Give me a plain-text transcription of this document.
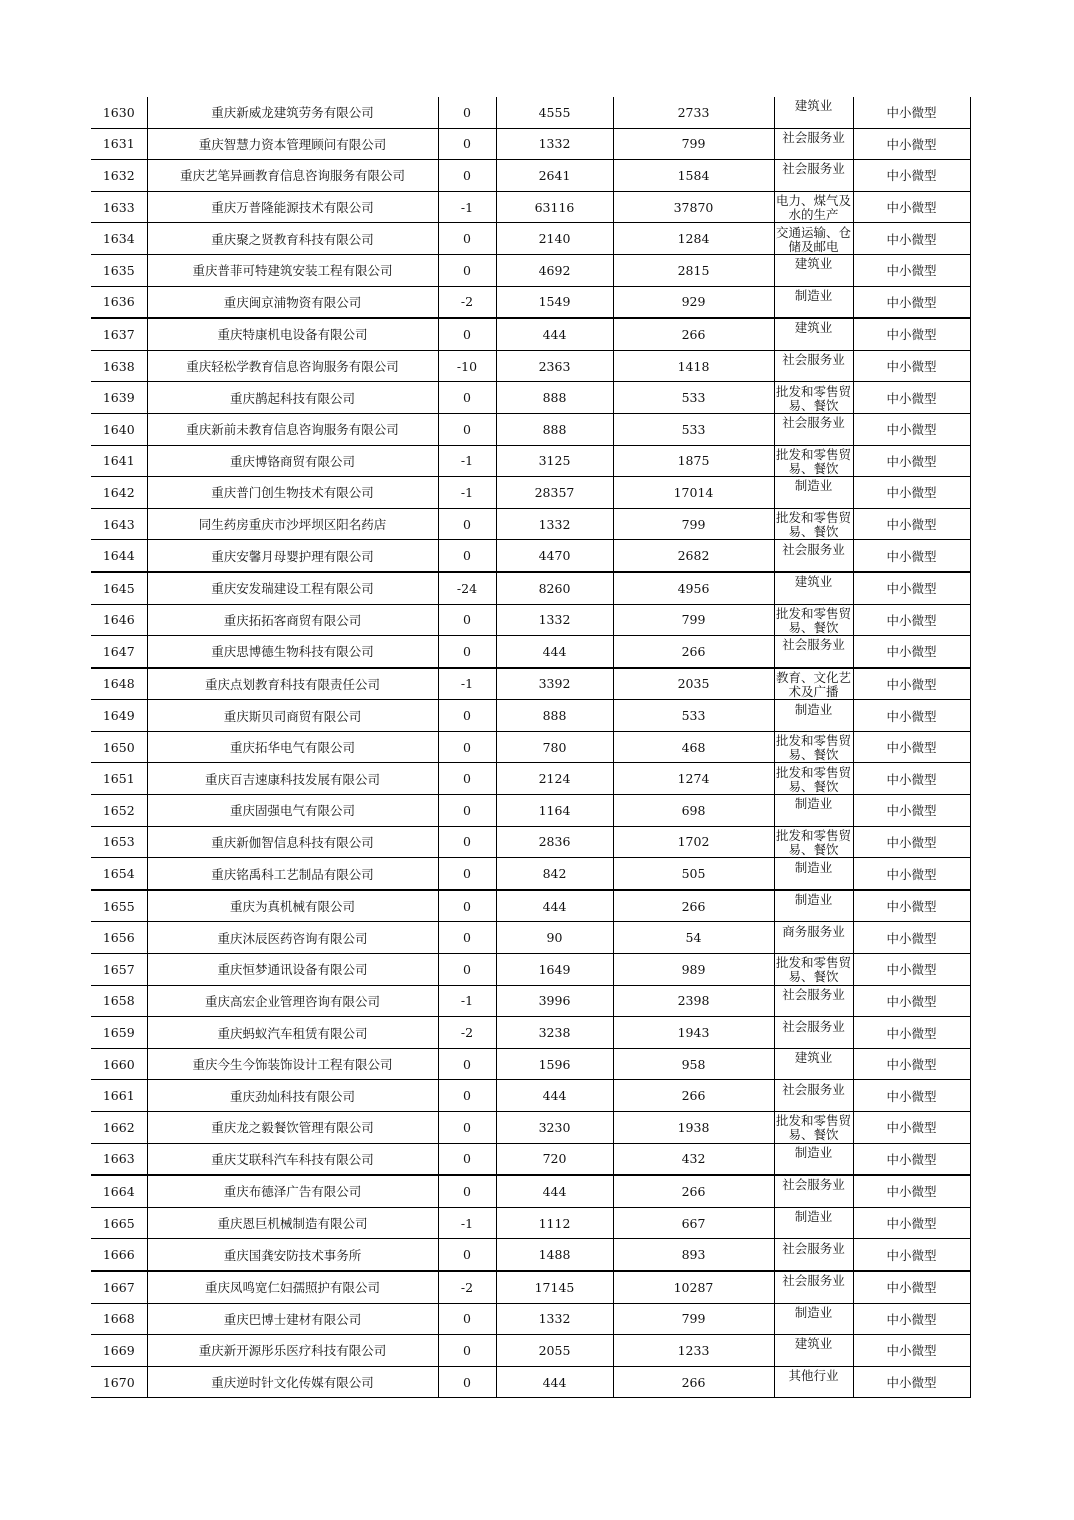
1630	重庆新威龙建筑劳务有限公司	0	4555	2733	建筑业	中小微型
1631	重庆智慧力资本管理顾问有限公司	0	1332	799	社会服务业	中小微型
1632	重庆艺笔异画教育信息咨询服务有限公司	0	2641	1584	社会服务业	中小微型
1633	重庆万普隆能源技术有限公司	-1	63116	37870	电力、煤气及水的生产	中小微型
1634	重庆聚之贤教育科技有限公司	0	2140	1284	交通运输、仓储及邮电	中小微型
1635	重庆普菲可特建筑安装工程有限公司	0	4692	2815	建筑业	中小微型
1636	重庆闽京浦物资有限公司	-2	1549	929	制造业	中小微型
1637	重庆特康机电设备有限公司	0	444	266	建筑业	中小微型
1638	重庆轻松学教育信息咨询服务有限公司	-10	2363	1418	社会服务业	中小微型
1639	重庆鹊起科技有限公司	0	888	533	批发和零售贸易、餐饮	中小微型
1640	重庆新前未教育信息咨询服务有限公司	0	888	533	社会服务业	中小微型
1641	重庆博铬商贸有限公司	-1	3125	1875	批发和零售贸易、餐饮	中小微型
1642	重庆普门创生物技术有限公司	-1	28357	17014	制造业	中小微型
1643	同生药房重庆市沙坪坝区阳名药店	0	1332	799	批发和零售贸易、餐饮	中小微型
1644	重庆安馨月母婴护理有限公司	0	4470	2682	社会服务业	中小微型
1645	重庆安发瑞建设工程有限公司	-24	8260	4956	建筑业	中小微型
1646	重庆拓拓客商贸有限公司	0	1332	799	批发和零售贸易、餐饮	中小微型
1647	重庆思博德生物科技有限公司	0	444	266	社会服务业	中小微型
1648	重庆点划教育科技有限责任公司	-1	3392	2035	教育、文化艺术及广播	中小微型
1649	重庆斯贝司商贸有限公司	0	888	533	制造业	中小微型
1650	重庆拓华电气有限公司	0	780	468	批发和零售贸易、餐饮	中小微型
1651	重庆百吉速康科技发展有限公司	0	2124	1274	批发和零售贸易、餐饮	中小微型
1652	重庆固强电气有限公司	0	1164	698	制造业	中小微型
1653	重庆新伽智信息科技有限公司	0	2836	1702	批发和零售贸易、餐饮	中小微型
1654	重庆铭禹科工艺制品有限公司	0	842	505	制造业	中小微型
1655	重庆为真机械有限公司	0	444	266	制造业	中小微型
1656	重庆沐辰医药咨询有限公司	0	90	54	商务服务业	中小微型
1657	重庆恒梦通讯设备有限公司	0	1649	989	批发和零售贸易、餐饮	中小微型
1658	重庆高宏企业管理咨询有限公司	-1	3996	2398	社会服务业	中小微型
1659	重庆蚂蚁汽车租赁有限公司	-2	3238	1943	社会服务业	中小微型
1660	重庆今生今饰装饰设计工程有限公司	0	1596	958	建筑业	中小微型
1661	重庆劲灿科技有限公司	0	444	266	社会服务业	中小微型
1662	重庆龙之毅餐饮管理有限公司	0	3230	1938	批发和零售贸易、餐饮	中小微型
1663	重庆艾联科汽车科技有限公司	0	720	432	制造业	中小微型
1664	重庆布德泽广告有限公司	0	444	266	社会服务业	中小微型
1665	重庆恩巨机械制造有限公司	-1	1112	667	制造业	中小微型
1666	重庆国龚安防技术事务所	0	1488	893	社会服务业	中小微型
1667	重庆凤鸣宽仁妇孺照护有限公司	-2	17145	10287	社会服务业	中小微型
1668	重庆巴博士建材有限公司	0	1332	799	制造业	中小微型
1669	重庆新开源彤乐医疗科技有限公司	0	2055	1233	建筑业	中小微型
1670	重庆逆时针文化传媒有限公司	0	444	266	其他行业	中小微型
